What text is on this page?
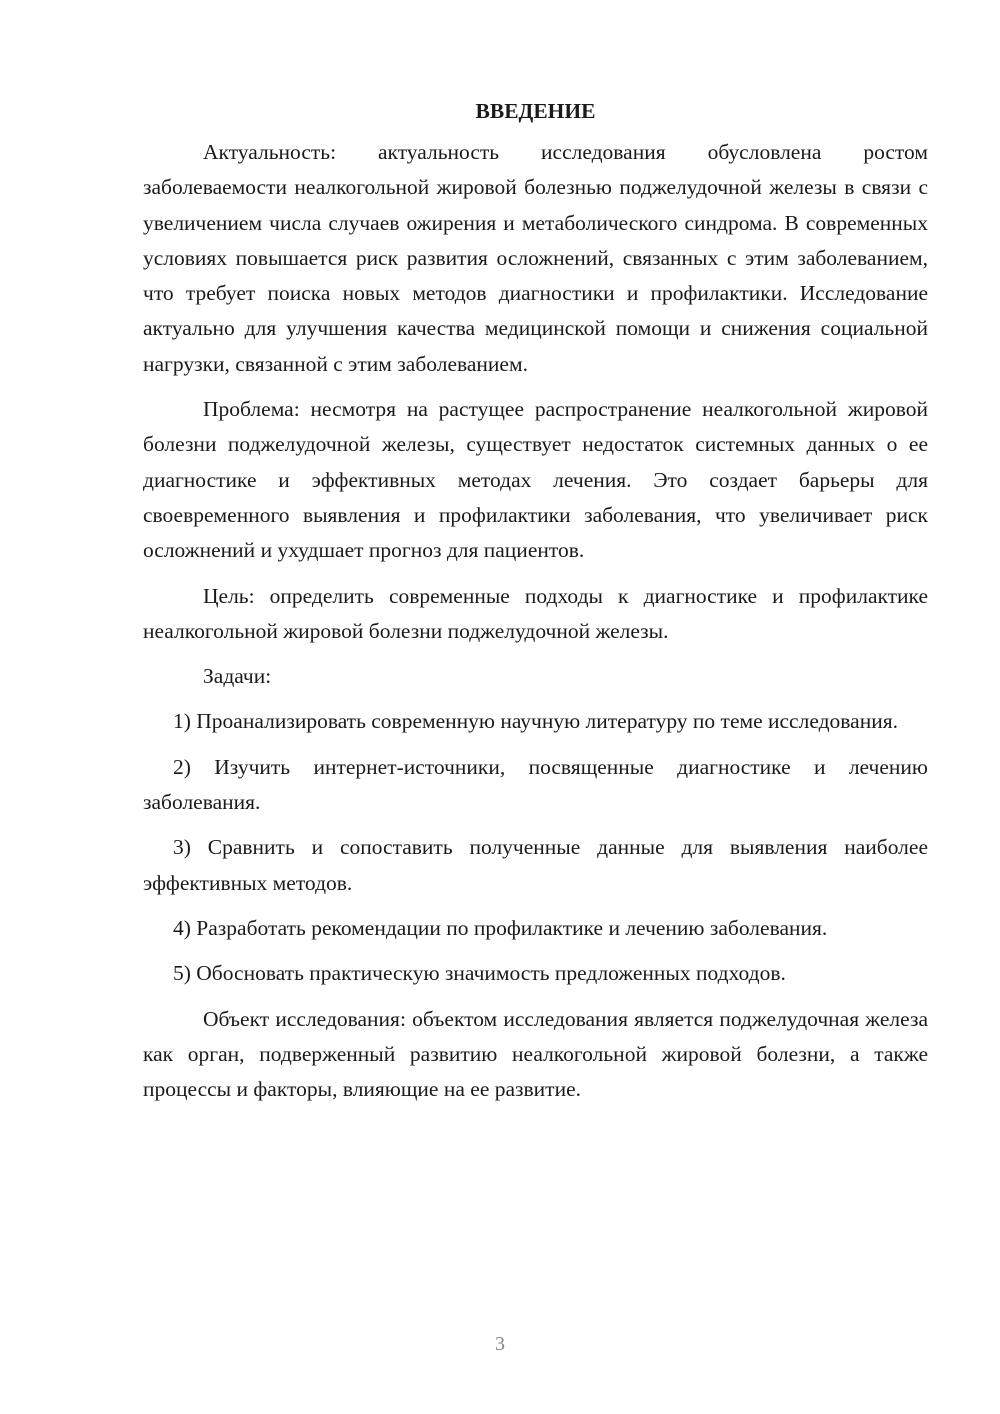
ВВЕДЕНИЕ

Актуальность: актуальность исследования обусловлена ростом заболеваемости неалкогольной жировой болезнью поджелудочной железы в связи с увеличением числа случаев ожирения и метаболического синдрома. В современных условиях повышается риск развития осложнений, связанных с этим заболеванием, что требует поиска новых методов диагностики и профилактики. Исследование актуально для улучшения качества медицинской помощи и снижения социальной нагрузки, связанной с этим заболеванием.

Проблема: несмотря на растущее распространение неалкогольной жировой болезни поджелудочной железы, существует недостаток системных данных о ее диагностике и эффективных методах лечения. Это создает барьеры для своевременного выявления и профилактики заболевания, что увеличивает риск осложнений и ухудшает прогноз для пациентов.

Цель: определить современные подходы к диагностике и профилактике неалкогольной жировой болезни поджелудочной железы.

Задачи:

1) Проанализировать современную научную литературу по теме исследования.

2) Изучить интернет-источники, посвященные диагностике и лечению заболевания.

3) Сравнить и сопоставить полученные данные для выявления наиболее эффективных методов.

4) Разработать рекомендации по профилактике и лечению заболевания.

5) Обосновать практическую значимость предложенных подходов.

Объект исследования: объектом исследования является поджелудочная железа как орган, подверженный развитию неалкогольной жировой болезни, а также процессы и факторы, влияющие на ее развитие.

3
